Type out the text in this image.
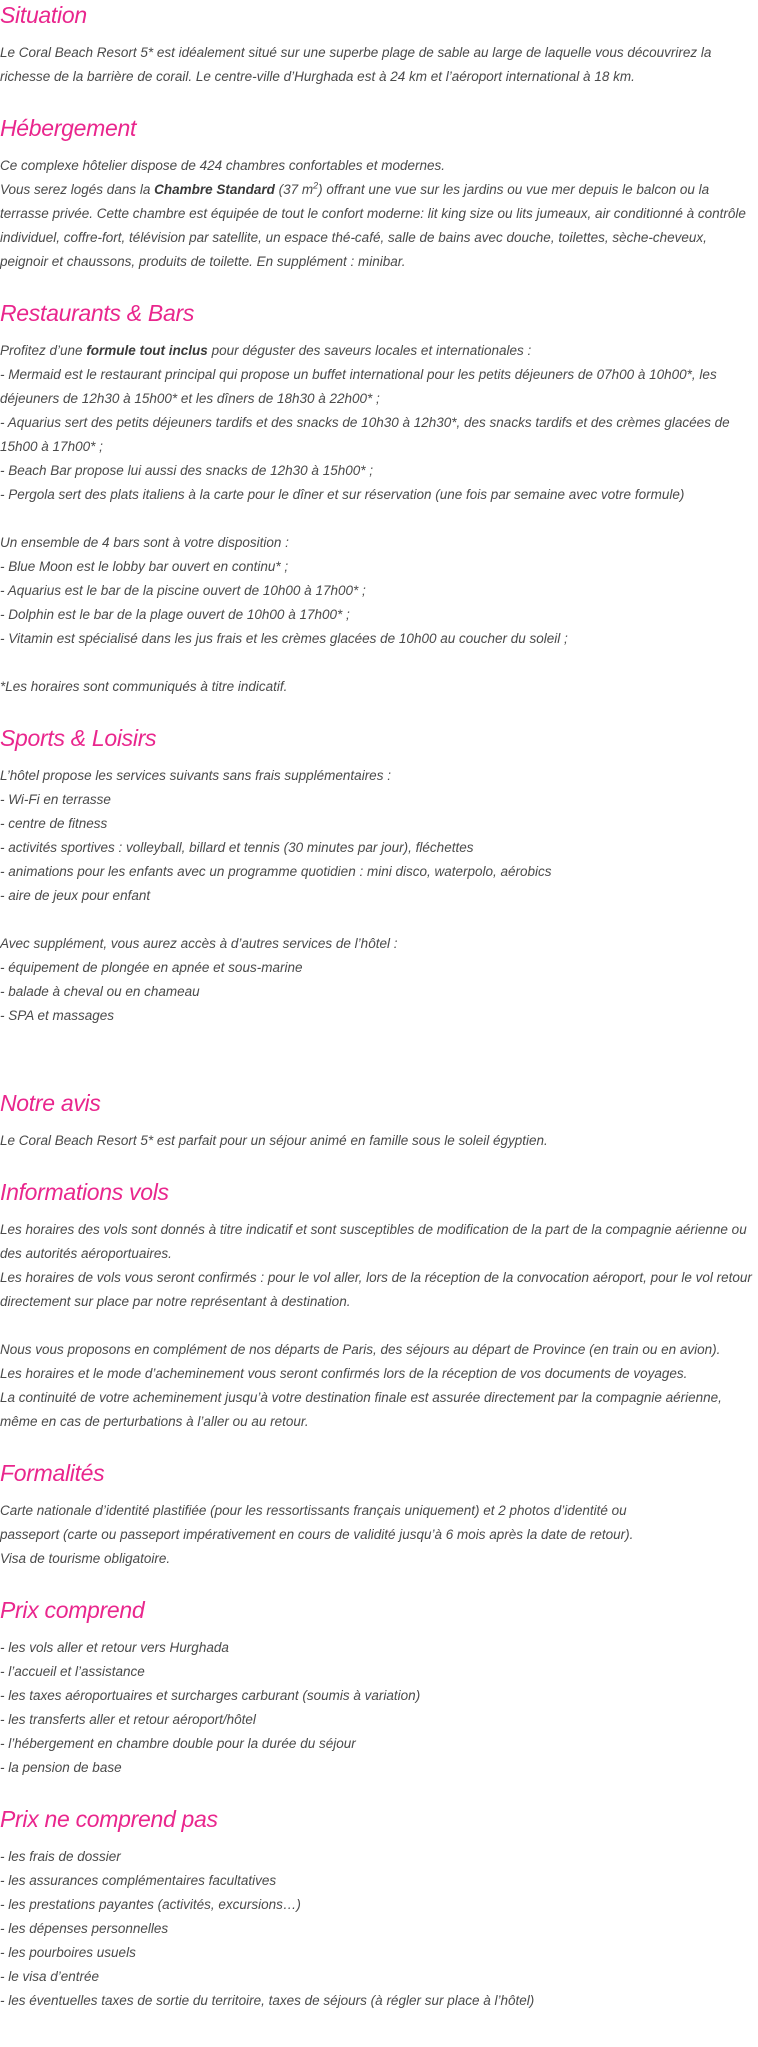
Situation

Le Coral Beach Resort 5* est idéalement situé sur une superbe plage de sable au large de laquelle vous découvrirez la richesse de la barrière de corail. Le centre-ville d’Hurghada est à 24 km et l’aéroport international à 18 km.

Hébergement

Ce complexe hôtelier dispose de 424 chambres confortables et modernes.
Vous serez logés dans la Chambre Standard (37 $m^2$) offrant une vue sur les jardins ou vue mer depuis le balcon ou la terrasse privée. Cette chambre est équipée de tout le confort moderne: lit king size ou lits jumeaux, air conditionné à contrôle individuel, coffre-fort, télévision par satellite, un espace thé-café, salle de bains avec douche, toilettes, sèche-cheveux, peignoir et chaussons, produits de toilette. En supplément : minibar.

Restaurants & Bars

Profitez d’une formule tout inclus pour déguster des saveurs locales et internationales :
- Mermaid est le restaurant principal qui propose un buffet international pour les petits déjeuners de 07h00 à 10h00*, les déjeuners de 12h30 à 15h00* et les dîners de 18h30 à 22h00* ;
- Aquarius sert des petits déjeuners tardifs et des snacks de 10h30 à 12h30*, des snacks tardifs et des crèmes glacées de 15h00 à 17h00* ;
- Beach Bar propose lui aussi des snacks de 12h30 à 15h00* ;
- Pergola sert des plats italiens à la carte pour le dîner et sur réservation (une fois par semaine avec votre formule)
Un ensemble de 4 bars sont à votre disposition :
- Blue Moon est le lobby bar ouvert en continu* ;
- Aquarius est le bar de la piscine ouvert de 10h00 à 17h00* ;
- Dolphin est le bar de la plage ouvert de 10h00 à 17h00* ;
- Vitamin est spécialisé dans les jus frais et les crèmes glacées de 10h00 au coucher du soleil ;
*Les horaires sont communiqués à titre indicatif.

Sports & Loisirs

L’hôtel propose les services suivants sans frais supplémentaires :
- Wi-Fi en terrasse
- centre de fitness
- activités sportives : volleyball, billard et tennis (30 minutes par jour), fléchettes
- animations pour les enfants avec un programme quotidien : mini disco, waterpolo, aérobics
- aire de jeux pour enfant
Avec supplément, vous aurez accès à d’autres services de l’hôtel :
- équipement de plongée en apnée et sous-marine
- balade à cheval ou en chameau
- SPA et massages

Notre avis

Le Coral Beach Resort 5* est parfait pour un séjour animé en famille sous le soleil égyptien.

Informations vols

Les horaires des vols sont donnés à titre indicatif et sont susceptibles de modification de la part de la compagnie aérienne ou des autorités aéroportuaires.
Les horaires de vols vous seront confirmés : pour le vol aller, lors de la réception de la convocation aéroport, pour le vol retour directement sur place par notre représentant à destination.
Nous vous proposons en complément de nos départs de Paris, des séjours au départ de Province (en train ou en avion).
Les horaires et le mode d’acheminement vous seront confirmés lors de la réception de vos documents de voyages.
La continuité de votre acheminement jusqu’à votre destination finale est assurée directement par la compagnie aérienne, même en cas de perturbations à l’aller ou au retour.

Formalités

Carte nationale d’identité plastifiée (pour les ressortissants français uniquement) et 2 photos d’identité ou
passeport (carte ou passeport impérativement en cours de validité jusqu’à 6 mois après la date de retour).
Visa de tourisme obligatoire.

Prix comprend

- les vols aller et retour vers Hurghada
- l’accueil et l’assistance
- les taxes aéroportuaires et surcharges carburant (soumis à variation)
- les transferts aller et retour aéroport/hôtel
- l’hébergement en chambre double pour la durée du séjour
- la pension de base

Prix ne comprend pas

- les frais de dossier
- les assurances complémentaires facultatives
- les prestations payantes (activités, excursions…)
- les dépenses personnelles
- les pourboires usuels
- le visa d’entrée
- les éventuelles taxes de sortie du territoire, taxes de séjours (à régler sur place à l’hôtel)
